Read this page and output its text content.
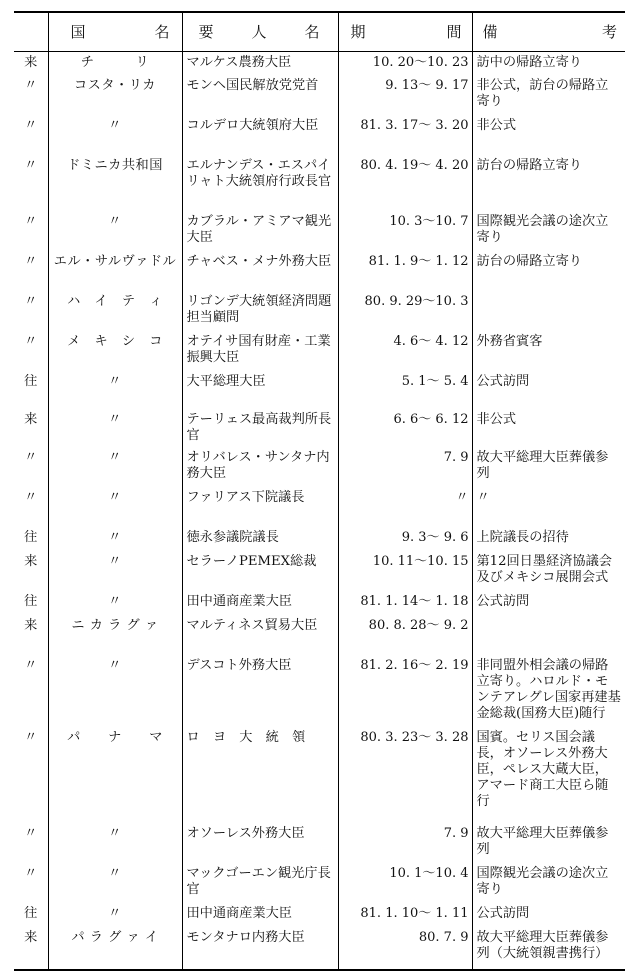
	国 名	要 人 名	期 間	備 考

来	チ　　　リ	マルケス農務大臣	10. 20～10. 23	訪中の帰路立寄り
〃	コスタ・リカ	モンヘ国民解放党党首	9. 13～ 9. 17	非公式，訪台の帰路立寄り
〃	〃	コルデロ大統領府大臣	81. 3. 17～ 3. 20	非公式
〃	ドミニカ共和国	エルナンデス・エスパイリャト大統領府行政長官	80. 4. 19～ 4. 20	訪台の帰路立寄り
〃	〃	カブラル・アミアマ観光大臣	10. 3～10. 7	国際観光会議の途次立寄り
〃	エル・サルヴァドル	チャベス・メナ外務大臣	81. 1. 9～ 1. 12	訪台の帰路立寄り
〃	ハ　イ　テ　ィ	リゴンデ大統領経済問題担当顧問	80. 9. 29～10. 3	
〃	メ　キ　シ　コ	オテイサ国有財産・工業振興大臣	4. 6～ 4. 12	外務省賓客
往	〃	大平総理大臣	5. 1～ 5. 4	公式訪問
来	〃	テーリェス最高裁判所長官	6. 6～ 6. 12	非公式
〃	〃	オリバレス・サンタナ内務大臣	7. 9	故大平総理大臣葬儀参列
〃	〃	ファリアス下院議長	〃	〃
往	〃	徳永参議院議長	9. 3～ 9. 6	上院議長の招待
来	〃	セラーノPEMEX総裁	10. 11～10. 15	第12回日墨経済協議会及びメキシコ展開会式
往	〃	田中通商産業大臣	81. 1. 14～ 1. 18	公式訪問
来	ニ カ ラ グ ァ	マルティネス貿易大臣	80. 8. 28～ 9. 2	
〃	〃	デスコト外務大臣	81. 2. 16～ 2. 19	非同盟外相会議の帰路立寄り。ハロルド・モンテアレグレ国家再建基金総裁(国務大臣)随行
〃	パ　　ナ　　マ	ロ　ヨ　大　統　領	80. 3. 23～ 3. 28	国賓。セリス国会議長，オソーレス外務大臣，ペレス大蔵大臣，アマード商工大臣ら随行
〃	〃	オソーレス外務大臣	7. 9	故大平総理大臣葬儀参列
〃	〃	マックゴーエン観光庁長官	10. 1～10. 4	国際観光会議の途次立寄り
往	〃	田中通商産業大臣	81. 1. 10～ 1. 11	公式訪問
来	パ ラ グ ァ イ	モンタナロ内務大臣	80. 7. 9	故大平総理大臣葬儀参列（大統領親書携行）
